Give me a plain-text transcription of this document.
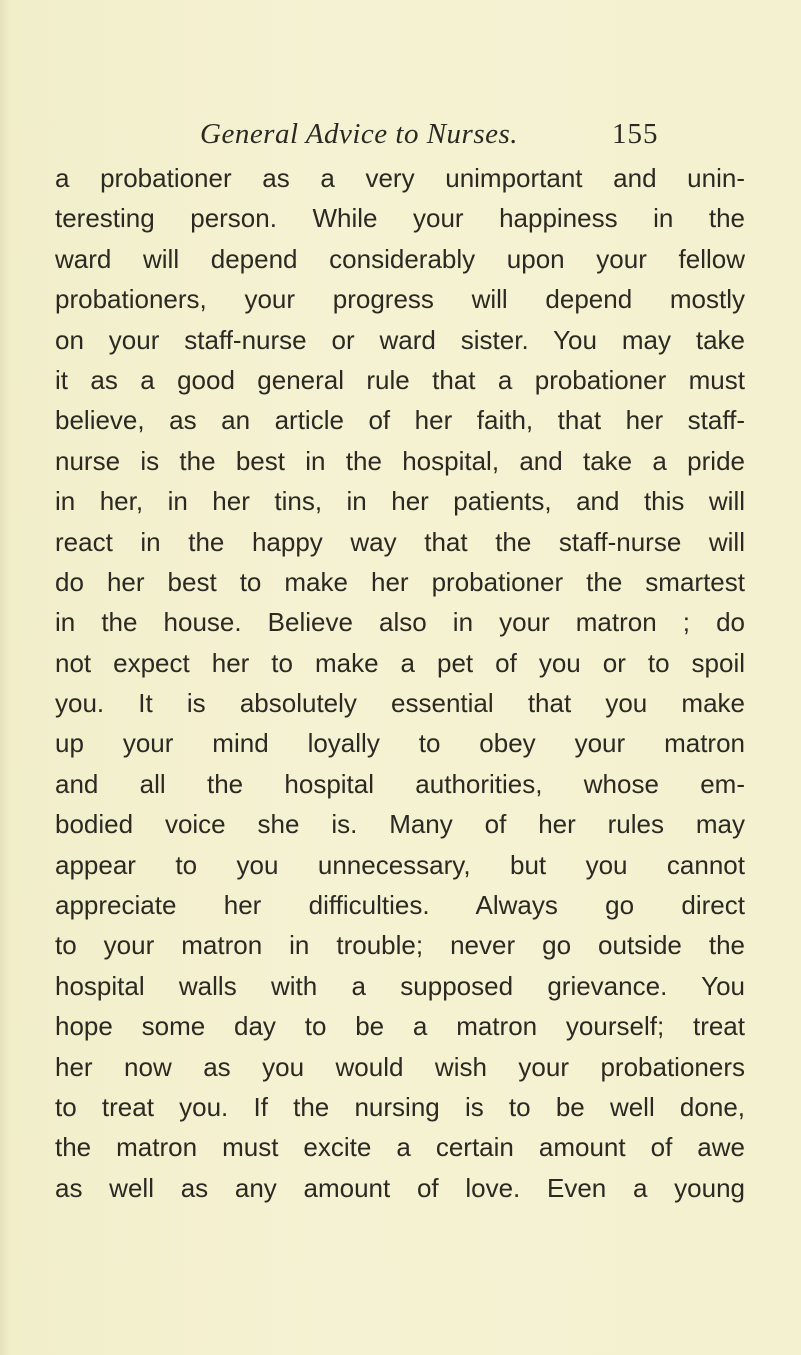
General Advice to Nurses.	155
a probationer as a very unimportant and unin-
teresting person. While your happiness in the
ward will depend considerably upon your fellow
probationers, your progress will depend mostly
on your staff-nurse or ward sister. You may take
it as a good general rule that a probationer must
believe, as an article of her faith, that her staff-
nurse is the best in the hospital, and take a pride
in her, in her tins, in her patients, and this will
react in the happy way that the staff-nurse will
do her best to make her probationer the smartest
in the house. Believe also in your matron ; do
not expect her to make a pet of you or to spoil
you. It is absolutely essential that you make
up your mind loyally to obey your matron
and all the hospital authorities, whose em-
bodied voice she is. Many of her rules may
appear to you unnecessary, but you cannot
appreciate her difficulties. Always go direct
to your matron in trouble; never go outside the
hospital walls with a supposed grievance. You
hope some day to be a matron yourself; treat
her now as you would wish your probationers
to treat you. If the nursing is to be well done,
the matron must excite a certain amount of awe
as well as any amount of love. Even a young
